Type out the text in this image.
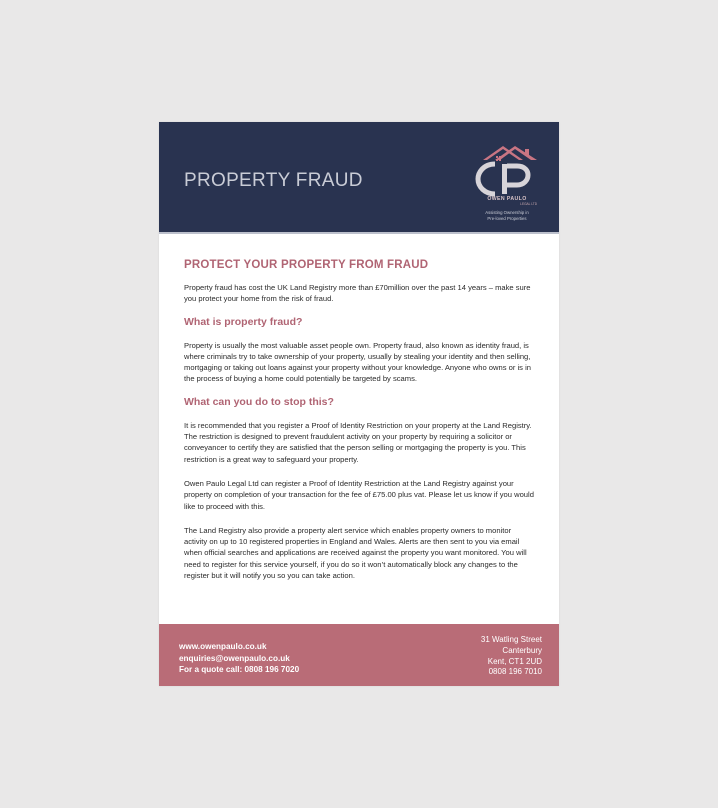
PROPERTY FRAUD
OWEN PAULO
LEGAL LTD
Assisting Ownership in
Pre-loved Properties
PROTECT YOUR PROPERTY FROM FRAUD

Property fraud has cost the UK Land Registry more than £70million over the past 14 years – make sure you protect your home from the risk of fraud.

What is property fraud?

Property is usually the most valuable asset people own. Property fraud, also known as identity fraud, is where criminals try to take ownership of your property, usually by stealing your identity and then selling, mortgaging or taking out loans against your property without your knowledge. Anyone who owns or is in the process of buying a home could potentially be targeted by scams.

What can you do to stop this?

It is recommended that you register a Proof of Identity Restriction on your property at the Land Registry. The restriction is designed to prevent fraudulent activity on your property by requiring a solicitor or conveyancer to certify they are satisfied that the person selling or mortgaging the property is you. This restriction is a great way to safeguard your property.

Owen Paulo Legal Ltd can register a Proof of Identity Restriction at the Land Registry against your property on completion of your transaction for the fee of £75.00 plus vat. Please let us know if you would like to proceed with this.

The Land Registry also provide a property alert service which enables property owners to monitor activity on up to 10 registered properties in England and Wales. Alerts are then sent to you via email when official searches and applications are received against the property you want monitored. You will need to register for this service yourself, if you do so it won’t automatically block any changes to the register but it will notify you so you can take action.

www.owenpaulo.co.uk
enquiries@owenpaulo.co.uk
For a quote call: 0808 196 7020
31 Watling Street
Canterbury
Kent, CT1 2UD
0808 196 7010
